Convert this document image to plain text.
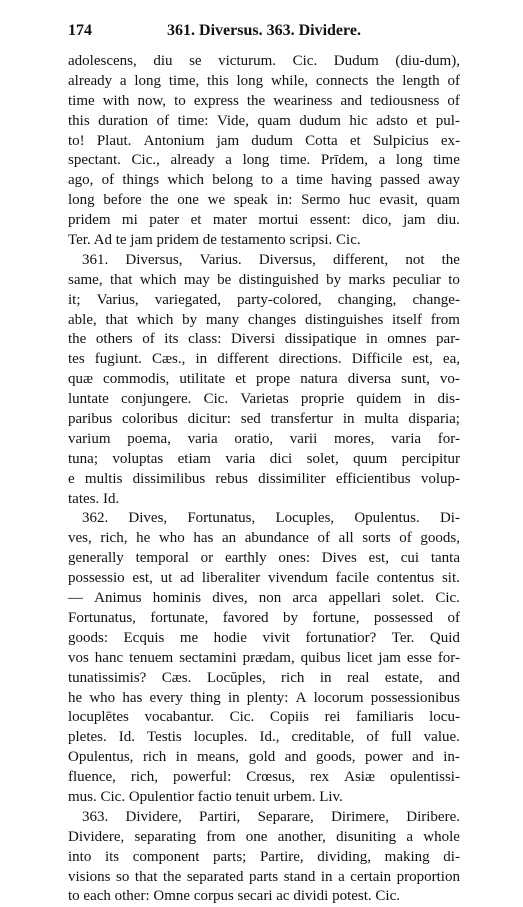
174	361. Diversus. 363. Dividere.
adolescens, diu se victurum. Cic. Dudum (diu-dum),
already a long time, this long while, connects the length of
time with now, to express the weariness and tediousness of
this duration of time: Vide, quam dudum hic adsto et pul-
to! Plaut. Antonium jam dudum Cotta et Sulpicius ex-
spectant. Cic., already a long time. Prīdem, a long time
ago, of things which belong to a time having passed away
long before the one we speak in: Sermo huc evasit, quam
pridem mi pater et mater mortui essent: dico, jam diu.
Ter. Ad te jam pridem de testamento scripsi. Cic.
361. Diversus, Varius. Diversus, different, not the
same, that which may be distinguished by marks peculiar to
it; Varius, variegated, party-colored, changing, change-
able, that which by many changes distinguishes itself from
the others of its class: Diversi dissipatique in omnes par-
tes fugiunt. Cæs., in different directions. Difficile est, ea,
quæ commodis, utilitate et prope natura diversa sunt, vo-
luntate conjungere. Cic. Varietas proprie quidem in dis-
paribus coloribus dicitur: sed transfertur in multa disparia;
varium poema, varia oratio, varii mores, varia for-
tuna; voluptas etiam varia dici solet, quum percipitur
e multis dissimilibus rebus dissimiliter efficientibus volup-
tates. Id.
362. Dives, Fortunatus, Locuples, Opulentus. Di-
ves, rich, he who has an abundance of all sorts of goods,
generally temporal or earthly ones: Dives est, cui tanta
possessio est, ut ad liberaliter vivendum facile contentus sit.
— Animus hominis dives, non arca appellari solet. Cic.
Fortunatus, fortunate, favored by fortune, possessed of
goods: Ecquis me hodie vivit fortunatior? Ter. Quid
vos hanc tenuem sectamini prædam, quibus licet jam esse for-
tunatissimis? Cæs. Locŭples, rich in real estate, and
he who has every thing in plenty: A locorum possessionibus
locuplētes vocabantur. Cic. Copiis rei familiaris locu-
pletes. Id. Testis locuples. Id., creditable, of full value.
Opulentus, rich in means, gold and goods, power and in-
fluence, rich, powerful: Crœsus, rex Asiæ opulentissi-
mus. Cic. Opulentior factio tenuit urbem. Liv.
363. Dividere, Partiri, Separare, Dirimere, Diribere.
Dividere, separating from one another, disuniting a whole
into its component parts; Partire, dividing, making di-
visions so that the separated parts stand in a certain proportion
to each other: Omne corpus secari ac dividi potest. Cic.
